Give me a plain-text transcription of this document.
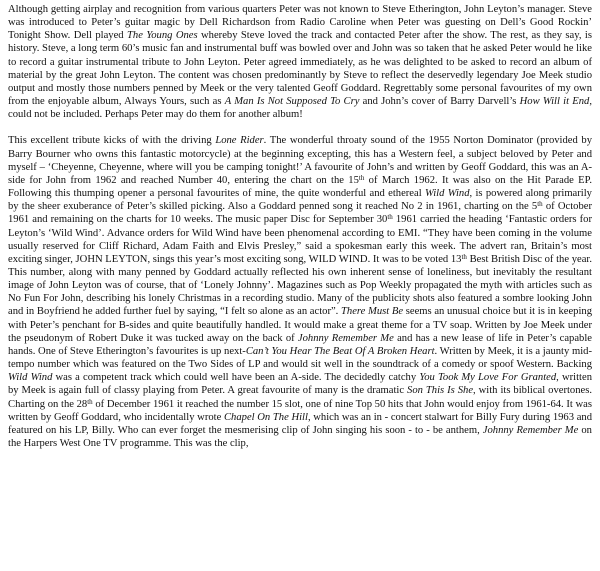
Although getting airplay and recognition from various quarters Peter was not known to Steve Etherington, John Leyton’s manager. Steve was introduced to Peter’s guitar magic by Dell Richardson from Radio Caroline when Peter was guesting on Dell’s Good Rockin’ Tonight Show. Dell played The Young Ones whereby Steve loved the track and contacted Peter after the show. The rest, as they say, is history. Steve, a long term 60’s music fan and instrumental buff was bowled over and John was so taken that he asked Peter would he like to record a guitar instrumental tribute to John Leyton. Peter agreed immediately, as he was delighted to be asked to record an album of material by the great John Leyton. The content was chosen predominantly by Steve to reflect the deservedly legendary Joe Meek studio output and mostly those numbers penned by Meek or the very talented Geoff Goddard. Regrettably some personal favourites of my own from the enjoyable album, Always Yours, such as A Man Is Not Supposed To Cry and John’s cover of Barry Darvell’s How Will it End, could not be included. Perhaps Peter may do them for another album!

This excellent tribute kicks of with the driving Lone Rider. The wonderful throaty sound of the 1955 Norton Dominator (provided by Barry Bourner who owns this fantastic motorcycle) at the beginning excepting, this has a Western feel, a subject beloved by Peter and myself – ‘Cheyenne, Cheyenne, where will you be camping tonight!’ A favourite of John’s and written by Geoff Goddard, this was an A- side for John from 1962 and reached Number 40, entering the chart on the 15th of March 1962. It was also on the Hit Parade EP. Following this thumping opener a personal favourites of mine, the quite wonderful and ethereal Wild Wind, is powered along primarily by the sheer exuberance of Peter’s skilled picking. Also a Goddard penned song it reached No 2 in 1961, charting on the 5th of October 1961 and remaining on the charts for 10 weeks. The music paper Disc for September 30th 1961 carried the heading ‘Fantastic orders for Leyton’s ‘Wild Wind’. Advance orders for Wild Wind have been phenomenal according to EMI. “They have been coming in the volume usually reserved for Cliff Richard, Adam Faith and Elvis Presley,” said a spokesman early this week. The advert ran, Britain’s most exciting singer, JOHN LEYTON, sings this year’s most exciting song, WILD WIND. It was to be voted 13th Best British Disc of the year. This number, along with many penned by Goddard actually reflected his own inherent sense of loneliness, but inevitably the resultant image of John Leyton was of course, that of ‘Lonely Johnny’. Magazines such as Pop Weekly propagated the myth with articles such as No Fun For John, describing his lonely Christmas in a recording studio. Many of the publicity shots also featured a sombre looking John and in Boyfriend he added further fuel by saying, “I felt so alone as an actor”. There Must Be seems an unusual choice but it is in keeping with Peter’s penchant for B-sides and quite beautifully handled. It would make a great theme for a TV soap. Written by Joe Meek under the pseudonym of Robert Duke it was tucked away on the back of Johnny Remember Me and has a new lease of life in Peter’s capable hands. One of Steve Etherington’s favourites is up next-Can’t You Hear The Beat Of A Broken Heart. Written by Meek, it is a jaunty mid-tempo number which was featured on the Two Sides of LP and would sit well in the soundtrack of a comedy or spoof Western. Backing Wild Wind was a competent track which could well have been an A-side. The decidedly catchy You Took My Love For Granted, written by Meek is again full of classy playing from Peter. A great favourite of many is the dramatic Son This Is She, with its biblical overtones. Charting on the 28th of December 1961 it reached the number 15 slot, one of nine Top 50 hits that John would enjoy from 1961-64. It was written by Geoff Goddard, who incidentally wrote Chapel On The Hill, which was an in - concert stalwart for Billy Fury during 1963 and featured on his LP, Billy. Who can ever forget the mesmerising clip of John singing his soon - to - be anthem, Johnny Remember Me on the Harpers West One TV programme. This was the clip,
